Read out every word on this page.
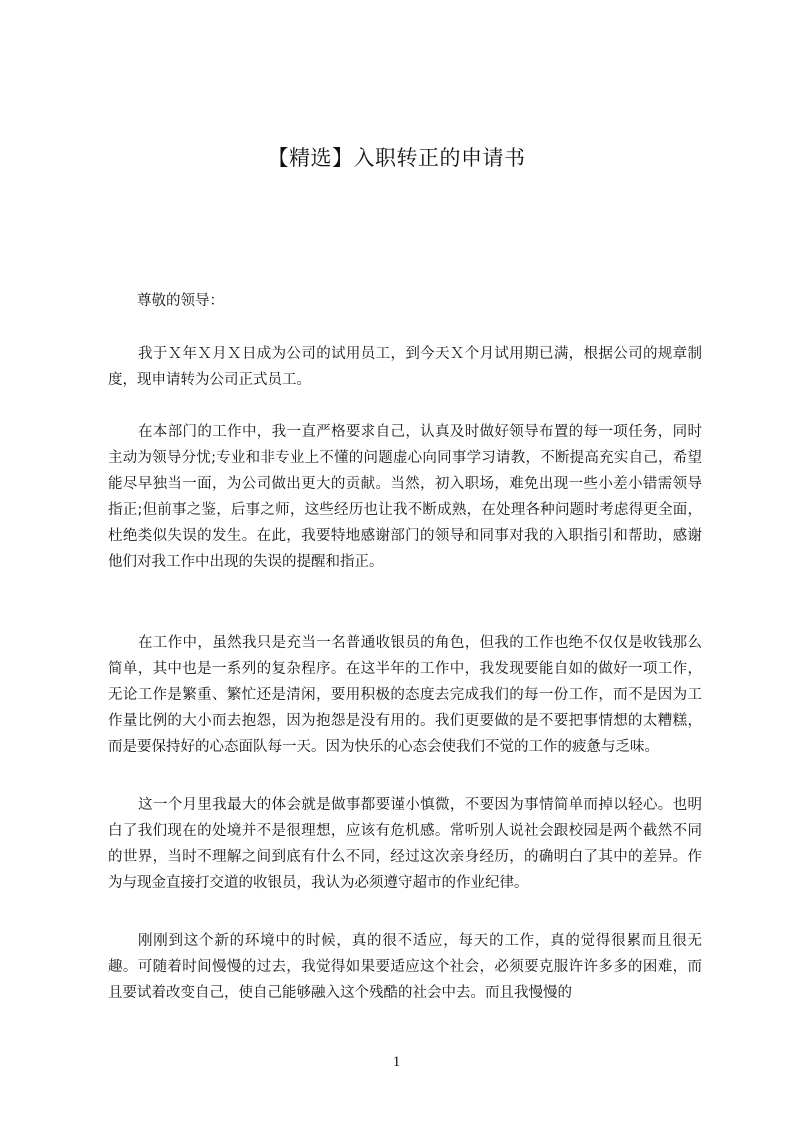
【精选】入职转正的申请书

尊敬的领导：

我于Ｘ年Ｘ月Ｘ日成为公司的试用员工，到今天Ｘ个月试用期已满，根据公司的规章制度，现申请转为公司正式员工。

在本部门的工作中，我一直严格要求自己，认真及时做好领导布置的每一项任务，同时主动为领导分忧;专业和非专业上不懂的问题虚心向同事学习请教，不断提高充实自己，希望能尽早独当一面，为公司做出更大的贡献。当然，初入职场，难免出现一些小差小错需领导指正;但前事之鉴，后事之师，这些经历也让我不断成熟，在处理各种问题时考虑得更全面，杜绝类似失误的发生。在此，我要特地感谢部门的领导和同事对我的入职指引和帮助，感谢他们对我工作中出现的失误的提醒和指正。

在工作中，虽然我只是充当一名普通收银员的角色，但我的工作也绝不仅仅是收钱那么简单，其中也是一系列的复杂程序。在这半年的工作中，我发现要能自如的做好一项工作，无论工作是繁重、繁忙还是清闲，要用积极的态度去完成我们的每一份工作，而不是因为工作量比例的大小而去抱怨，因为抱怨是没有用的。我们更要做的是不要把事情想的太糟糕，而是要保持好的心态面队每一天。因为快乐的心态会使我们不觉的工作的疲惫与乏味。

这一个月里我最大的体会就是做事都要谨小慎微，不要因为事情简单而掉以轻心。也明白了我们现在的处境并不是很理想，应该有危机感。常听别人说社会跟校园是两个截然不同的世界，当时不理解之间到底有什么不同，经过这次亲身经历，的确明白了其中的差异。作为与现金直接打交道的收银员，我认为必须遵守超市的作业纪律。

刚刚到这个新的环境中的时候，真的很不适应，每天的工作，真的觉得很累而且很无趣。可随着时间慢慢的过去，我觉得如果要适应这个社会，必须要克服许许多多的困难，而且要试着改变自己，使自己能够融入这个残酷的社会中去。而且我慢慢的

1
